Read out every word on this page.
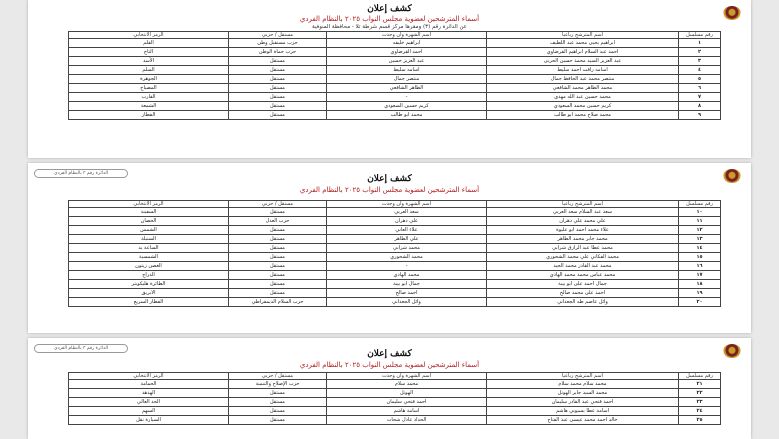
كشف إعلان
أسماء المترشحين لعضوية مجلس النواب ٢٠٢٥ بالنظام الفردي
عن الدائرة رقم (٣) ومقرها مركز قسم شرطة تلا - محافظة المنوفية
رقم مسلسل	اسم المترشح رباعيا	اسم الشهرة وان وجدت	مستقل / حزبي	الرمز الانتخابي
١	ابراهيم يحيى محمد عبد اللطيف	ابراهيم خليفه	حزب مستقبل وطن	القلم
٢	احمد عبد السلام ابراهيم القرضاوي	احمد القرضاوي	حزب حماة الوطن	التاج
٣	عبد العزيز السيد محمد حسين الحرنى	عبد العزيز حسين	مستقل	الأسد
٤	اسامه رافت احمد سليط	اسامه سليط	مستقل	السلم
٥	منتصر محمد عبد الحافظ جمال	منتصر جمال	مستقل	الجوهرة
٦	محمد الطاهر محمد الشافعي	الطاهر الشافعي	مستقل	المصباح
٧	محمد حسين عبد الله مهدي	-	مستقل	القارب
٨	كريم حسين محمد السعودي	كريم حسين السعودي	مستقل	الشمعة
٩	محمد صلاح محمد ابو طالب	محمد ابو طالب	مستقل	القطار
الدائرة رقم ٣ بالنظام الفردي
كشف إعلان
أسماء المترشحين لعضوية مجلس النواب ٢٠٢٥ بالنظام الفردي
رقم مسلسل	اسم المترشح رباعيا	اسم الشهرة وان وجدت	مستقل / حزبي	الرمز الانتخابي
١٠	سعد عبد السلام سعد العربي	سعد العربي	مستقل	السفينة
١١	علي محمد علي دهران	علي دهران	حزب العدل	الحصان
١٢	علاء محمد احمد ابو عليوة	علاء العاني	مستقل	الشمس
١٣	محمد جابر محمد الطاهر	علي الطاهر	مستقل	السنبلة
١٤	محمد عطا عبد الرازق شرابي	محمد شرابي	مستقل	الساعة يد
١٥	محمد الفكاني علي محمد الشحوري	محمد الشحوري	مستقل	الشمسية
١٦	محمد عبد القادر محمد الجيد	-	مستقل	الغصن زيتون
١٧	محمد عباس محمد محمد الهادي	محمد الهادي	مستقل	الدراج
١٨	جمال احمد على ابو بيبة	جمال ابو بيبة	مستقل	الطائرة هليكوبتر
١٩	احمد على محمد صالح	احمد صالح	مستقل	الابريق
٢٠	وائل عاصم طه الجعداني	وائل الجعداني	حزب السلام الديمقراطي	القطار السريع
الدائرة رقم ٣ بالنظام الفردي
كشف إعلان
أسماء المترشحين لعضوية مجلس النواب ٢٠٢٥ بالنظام الفردي
رقم مسلسل	اسم المترشح رباعيا	اسم الشهرة وان وجدت	مستقل / حزبي	الرمز الانتخابي
٢١	محمد سلام محمد سلام	محمد سلام	حزب الإصلاح والتنمية	الحمامة
٢٢	محمد السيد جابر الهوتل	الهوتل	مستقل	الهدهد
٢٣	احمد فتحي عبد القادر سليمان	احمد فتحي سليمان	مستقل	الحد العالي
٢٤	اسامة عطا بسيوني هاشم	اسامة هاشم	مستقل	السهم
٢٥	خالد احمد محمد عيسى عبد الفتاح	الحداد عادل شحات	مستقل	السيارة نقل
